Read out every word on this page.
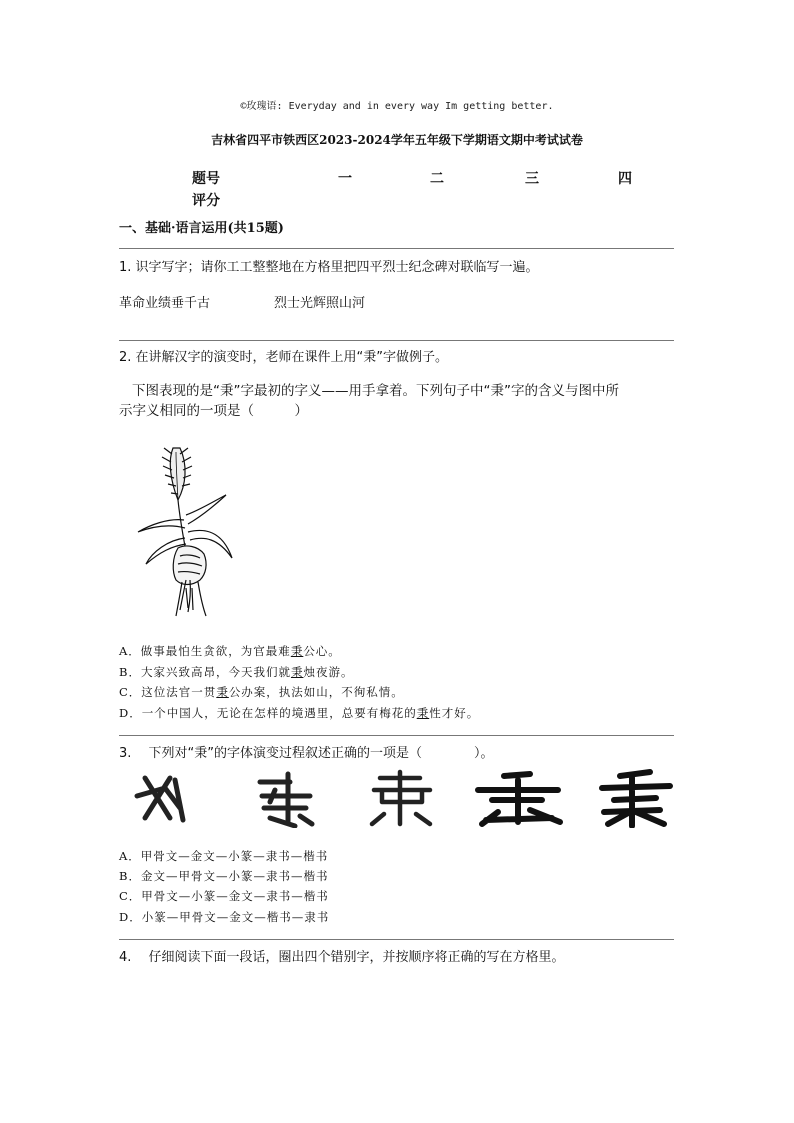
©玫瑰语: Everyday and in every way Im getting better.
吉林省四平市铁西区2023-2024学年五年级下学期语文期中考试试卷
题号	一	二	三	四
评分
一、基础·语言运用(共15题)
1. 识字写字；请你工工整整地在方格里把四平烈士纪念碑对联临写一遍。
革命业绩垂千古	烈士光辉照山河
2. 在讲解汉字的演变时，老师在课件上用“秉”字做例子。
下图表现的是“秉”字最初的字义——用手拿着。下列句子中“秉”字的含义与图中所
示字义相同的一项是（　　　）
A．做事最怕生贪欲，为官最难秉公心。
B．大家兴致高昂，今天我们就秉烛夜游。
C．这位法官一贯秉公办案，执法如山，不徇私情。
D．一个中国人，无论在怎样的境遇里，总要有梅花的秉性才好。
3.　 下列对“秉”的字体演变过程叙述正确的一项是（　　　　）。
A．甲骨文—金文—小篆—隶书—楷书
B．金文—甲骨文—小篆—隶书—楷书
C．甲骨文—小篆—金文—隶书—楷书
D．小篆—甲骨文—金文—楷书—隶书
4.　 仔细阅读下面一段话，圈出四个错别字，并按顺序将正确的写在方格里。
